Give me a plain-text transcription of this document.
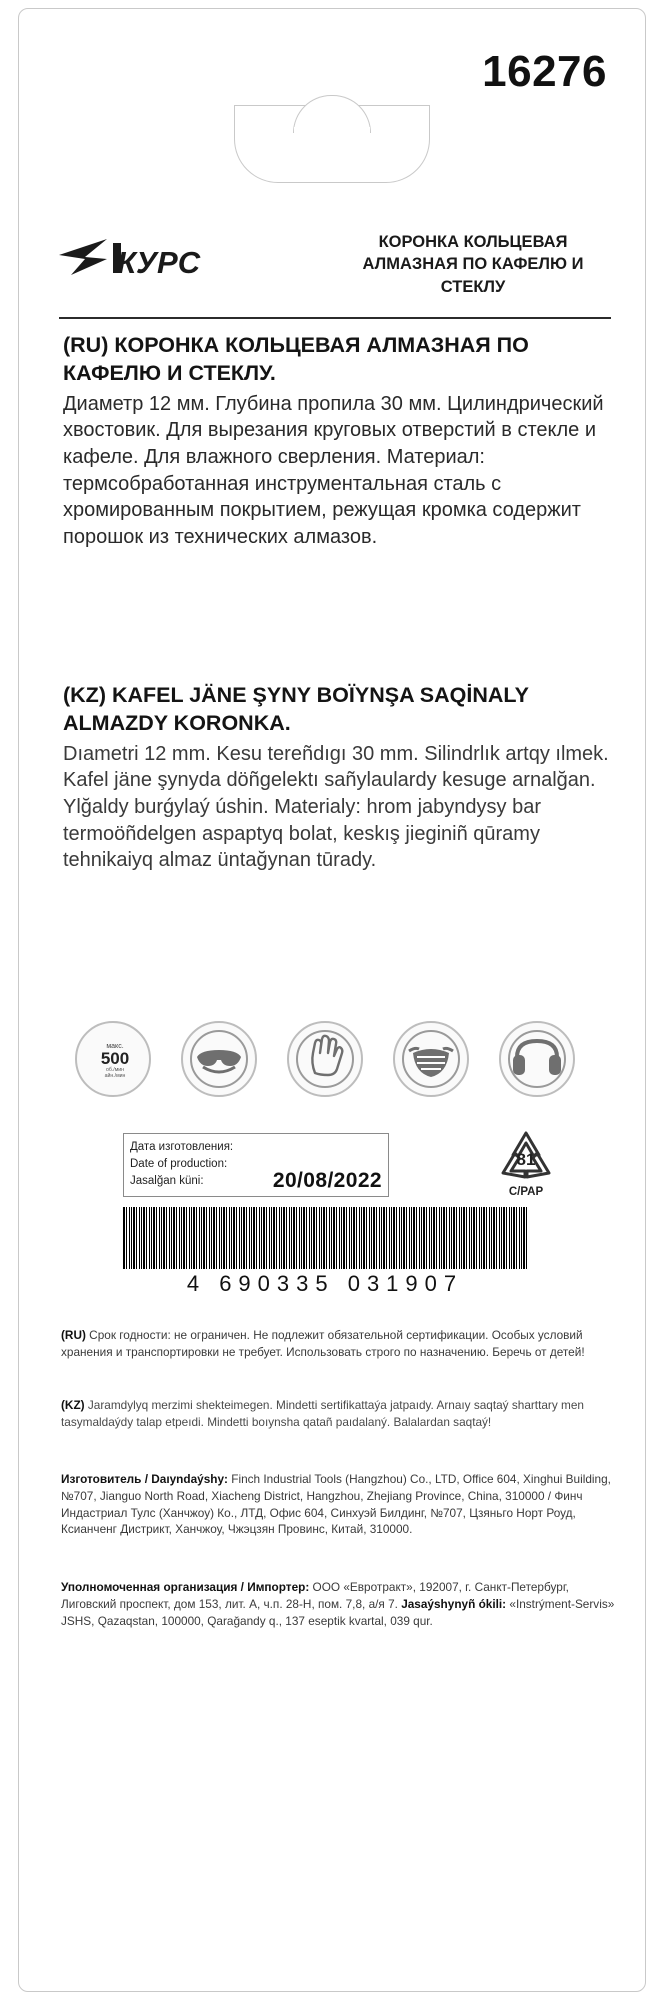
16276
КУРС
КОРОНКА КОЛЬЦЕВАЯ АЛМАЗНАЯ ПО КАФЕЛЮ И СТЕКЛУ
(RU) КОРОНКА КОЛЬЦЕВАЯ АЛМАЗНАЯ ПО КАФЕЛЮ И СТЕКЛУ.
Диаметр 12 мм. Глубина пропила 30 мм. Цилиндрический хвостовик. Для вырезания круговых отверстий в стекле и кафеле. Для влажного сверления. Материал: термсобработанная инструментальная сталь с хромированным покрытием, режущая кромка содержит порошок из технических алмазов.
(KZ) KAFEL JÄNE ŞYNY BOÏYNŞA SAQİNALY ALMAZDY KORONKA.
Dıametri 12 mm. Kesu tereñdıgı 30 mm. Silindrlık artqy ılmek. Kafel jäne şynyda döñgelektı sañylaulardy kesuge arnalğan. Ylğaldy burǵylaý úshin. Materialy: hrom jabyndysy bar termoöñdelgen aspaptyq bolat, keskış jieginiñ qūramy tehnikaiyq almaz üntağynan tūrady.
макс.
500
об./мин
айн./мин
Дата изготовления:
Date of production:
Jasalğan küni:	20/08/2022
81
C/PAP
4 690335 031907
(RU) Срок годности: не ограничен. Не подлежит обязательной сертификации. Особых условий хранения и транспортировки не требует. Использовать строго по назначению. Беречь от детей!
(KZ) Jaramdylyq merzimi shekteimegen. Mindetti sertifikattaýa jatpaıdy. Arnaıy saqtaý sharttary men tasymaldaýdy talap etpeıdi. Mindetti boıynsha qatañ paıdalaný. Balalardan saqtaý!
Изготовитель / Daıyndaýshy: Finch Industrial Tools (Hangzhou) Co., LTD, Office 604, Xinghui Building, №707, Jianguo North Road, Xiacheng District, Hangzhou, Zhejiang Province, China, 310000 / Финч Индастриал Тулс (Ханчжоу) Ко., ЛТД, Офис 604, Синхуэй Билдинг, №707, Цзяньго Норт Роуд, Ксианченг Дистрикт, Ханчжоу, Чжэцзян Провинс, Китай, 310000.
Уполномоченная организация / Импортер: ООО «Евротракт», 192007, г. Санкт-Петербург, Лиговский проспект, дом 153, лит. А, ч.п. 28-Н, пом. 7,8, а/я 7. Jasaýshynyñ ókili: «Instrýment-Servis» JSHS, Qazaqstan, 100000, Qarağandy q., 137 eseptik kvartal, 039 qur.
